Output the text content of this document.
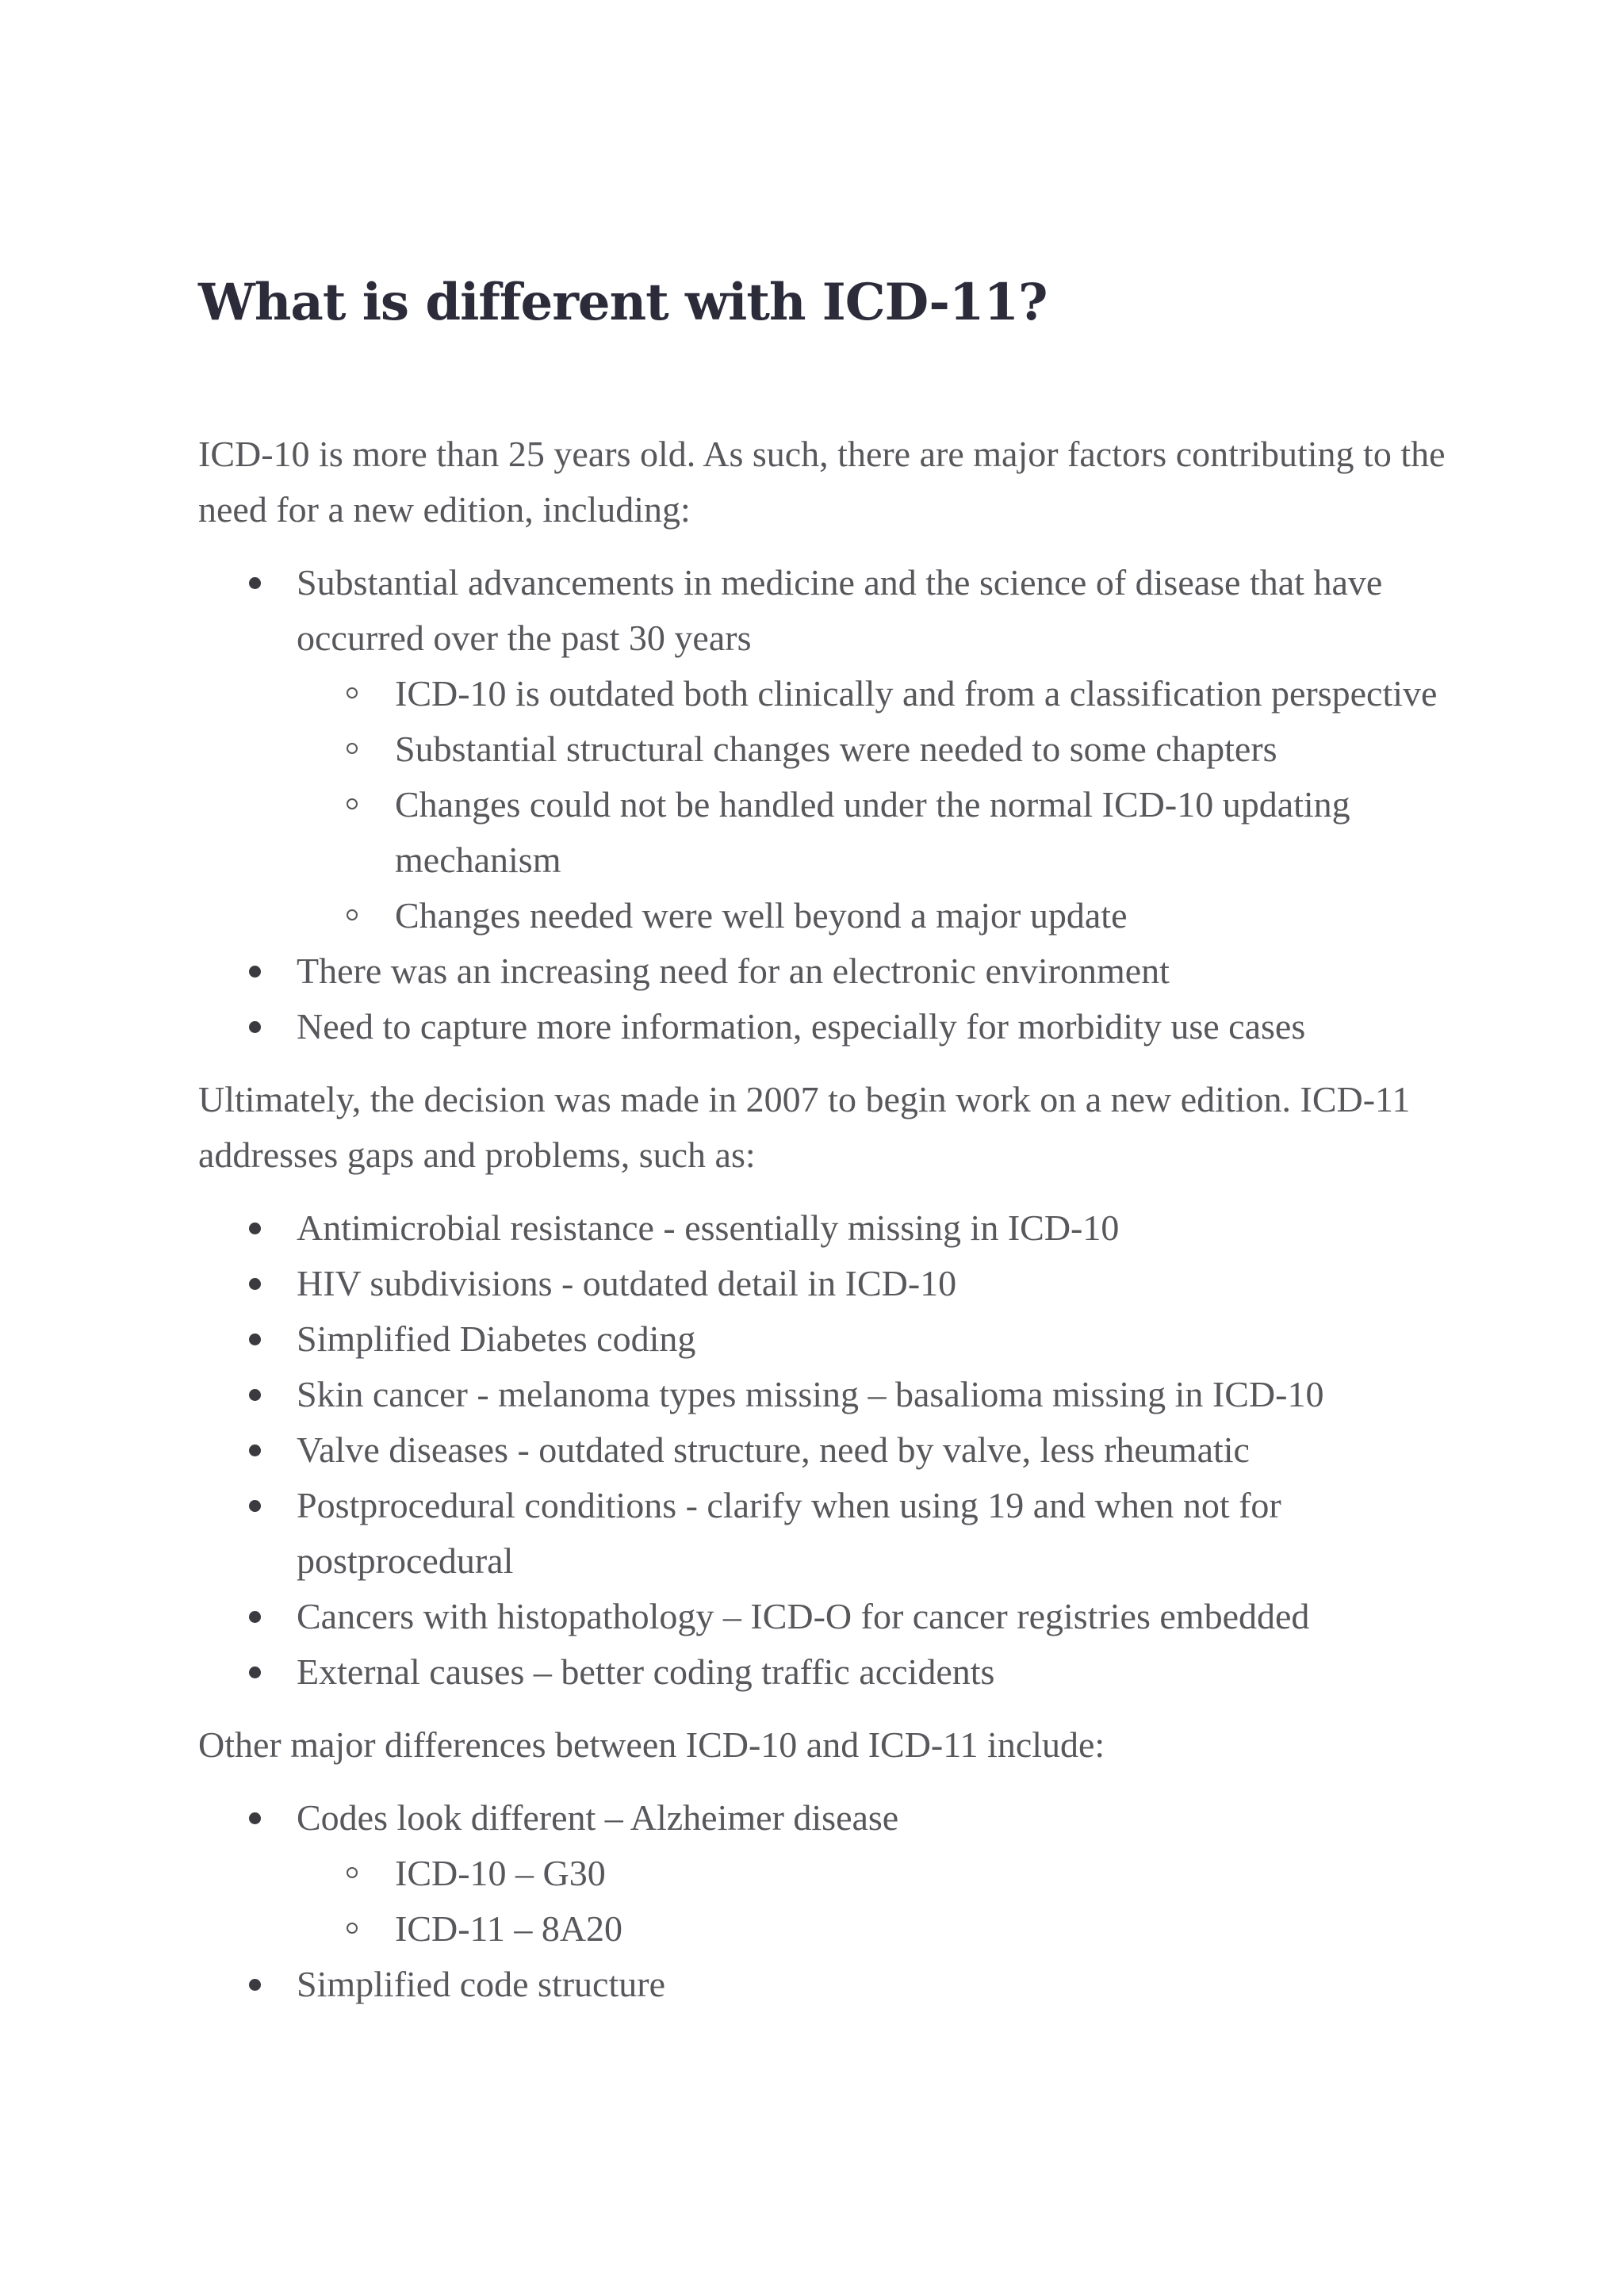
What is different with ICD-11?

ICD-10 is more than 25 years old. As such, there are major factors contributing to the need for a new edition, including:

Substantial advancements in medicine and the science of disease that have occurred over the past 30 years
ICD-10 is outdated both clinically and from a classification perspective
Substantial structural changes were needed to some chapters
Changes could not be handled under the normal ICD-10 updating mechanism
Changes needed were well beyond a major update
There was an increasing need for an electronic environment
Need to capture more information, especially for morbidity use cases

Ultimately, the decision was made in 2007 to begin work on a new edition. ICD-11 addresses gaps and problems, such as:

Antimicrobial resistance - essentially missing in ICD-10
HIV subdivisions - outdated detail in ICD-10
Simplified Diabetes coding
Skin cancer - melanoma types missing – basalioma missing in ICD-10
Valve diseases - outdated structure, need by valve, less rheumatic
Postprocedural conditions - clarify when using 19 and when not for postprocedural
Cancers with histopathology – ICD-O for cancer registries embedded
External causes – better coding traffic accidents

Other major differences between ICD-10 and ICD-11 include:

Codes look different – Alzheimer disease
ICD-10 – G30
ICD-11 – 8A20
Simplified code structure
